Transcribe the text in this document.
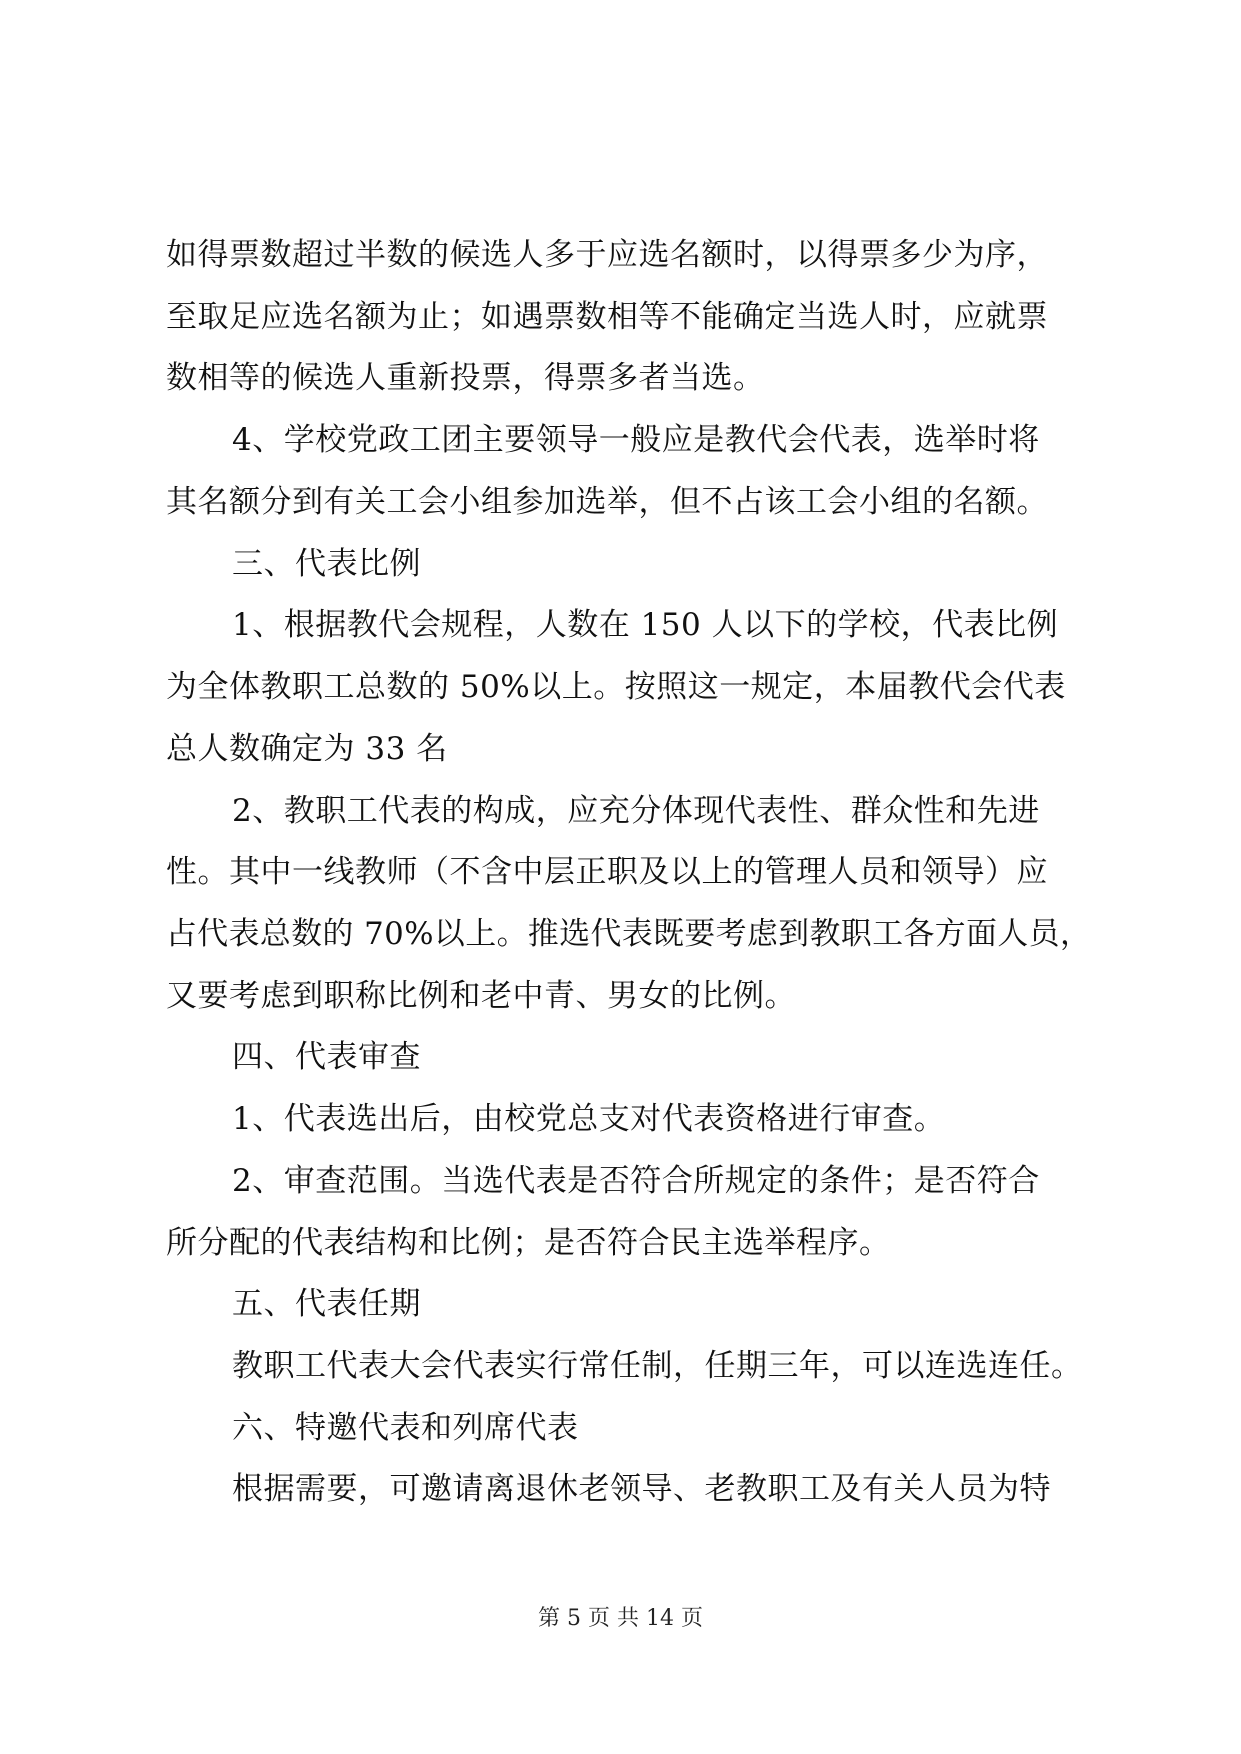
如得票数超过半数的候选人多于应选名额时，以得票多少为序，
至取足应选名额为止；如遇票数相等不能确定当选人时，应就票
数相等的候选人重新投票，得票多者当选。
4、学校党政工团主要领导一般应是教代会代表，选举时将
其名额分到有关工会小组参加选举，但不占该工会小组的名额。
三、代表比例
1、根据教代会规程，人数在 150 人以下的学校，代表比例
为全体教职工总数的 50%以上。按照这一规定，本届教代会代表
总人数确定为 33 名
2、教职工代表的构成，应充分体现代表性、群众性和先进
性。其中一线教师（不含中层正职及以上的管理人员和领导）应
占代表总数的 70%以上。推选代表既要考虑到教职工各方面人员，
又要考虑到职称比例和老中青、男女的比例。
四、代表审查
1、代表选出后，由校党总支对代表资格进行审查。
2、审查范围。当选代表是否符合所规定的条件；是否符合
所分配的代表结构和比例；是否符合民主选举程序。
五、代表任期
教职工代表大会代表实行常任制，任期三年，可以连选连任。
六、特邀代表和列席代表
根据需要，可邀请离退休老领导、老教职工及有关人员为特
第 5 页 共 14 页
